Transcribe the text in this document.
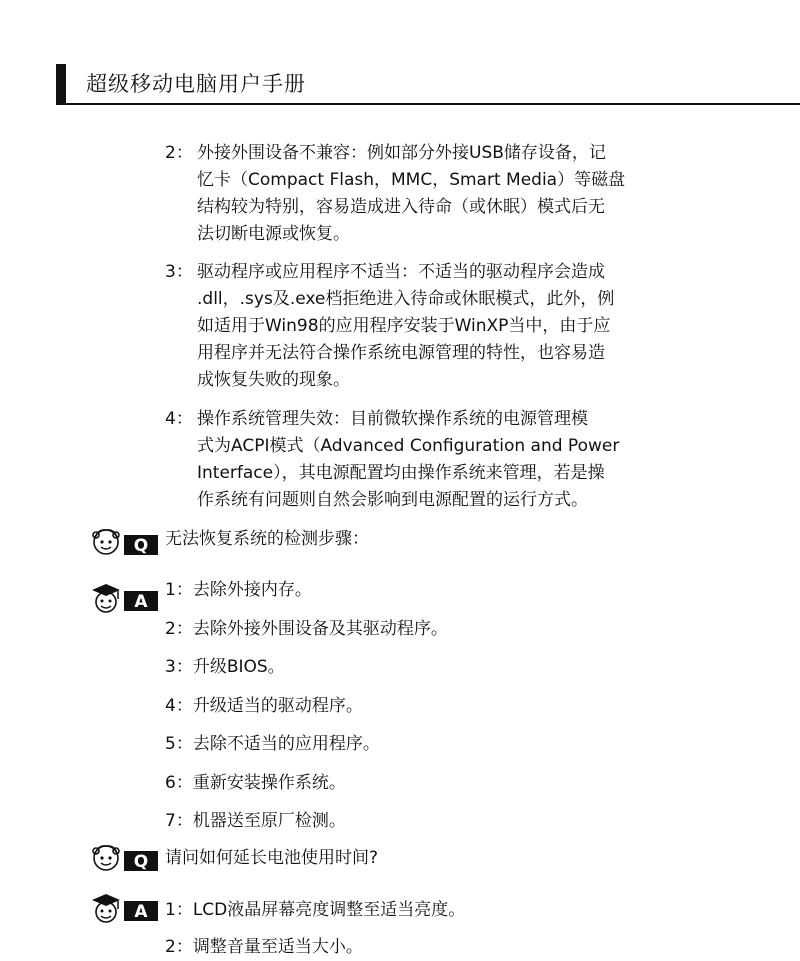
超级移动电脑用户手册
2： 外接外围设备不兼容：例如部分外接USB储存设备，记
忆卡（Compact Flash，MMC，Smart Media）等磁盘
结构较为特别，容易造成进入待命（或休眠）模式后无
法切断电源或恢复。
3： 驱动程序或应用程序不适当：不适当的驱动程序会造成
.dll，.sys及.exe档拒绝进入待命或休眠模式，此外，例
如适用于Win98的应用程序安装于WinXP当中，由于应
用程序并无法符合操作系统电源管理的特性，也容易造
成恢复失败的现象。
4： 操作系统管理失效：目前微软操作系统的电源管理模
式为ACPI模式（Advanced Configuration and Power
Interface），其电源配置均由操作系统来管理，若是操
作系统有问题则自然会影响到电源配置的运行方式。
Q 无法恢复系统的检测步骤：
A
1：去除外接内存。
2：去除外接外围设备及其驱动程序。
3：升级BIOS。
4：升级适当的驱动程序。
5：去除不适当的应用程序。
6：重新安装操作系统。
7：机器送至原厂检测。
Q 请问如何延长电池使用时间?
A 1：LCD液晶屏幕亮度调整至适当亮度。
2：调整音量至适当大小。
